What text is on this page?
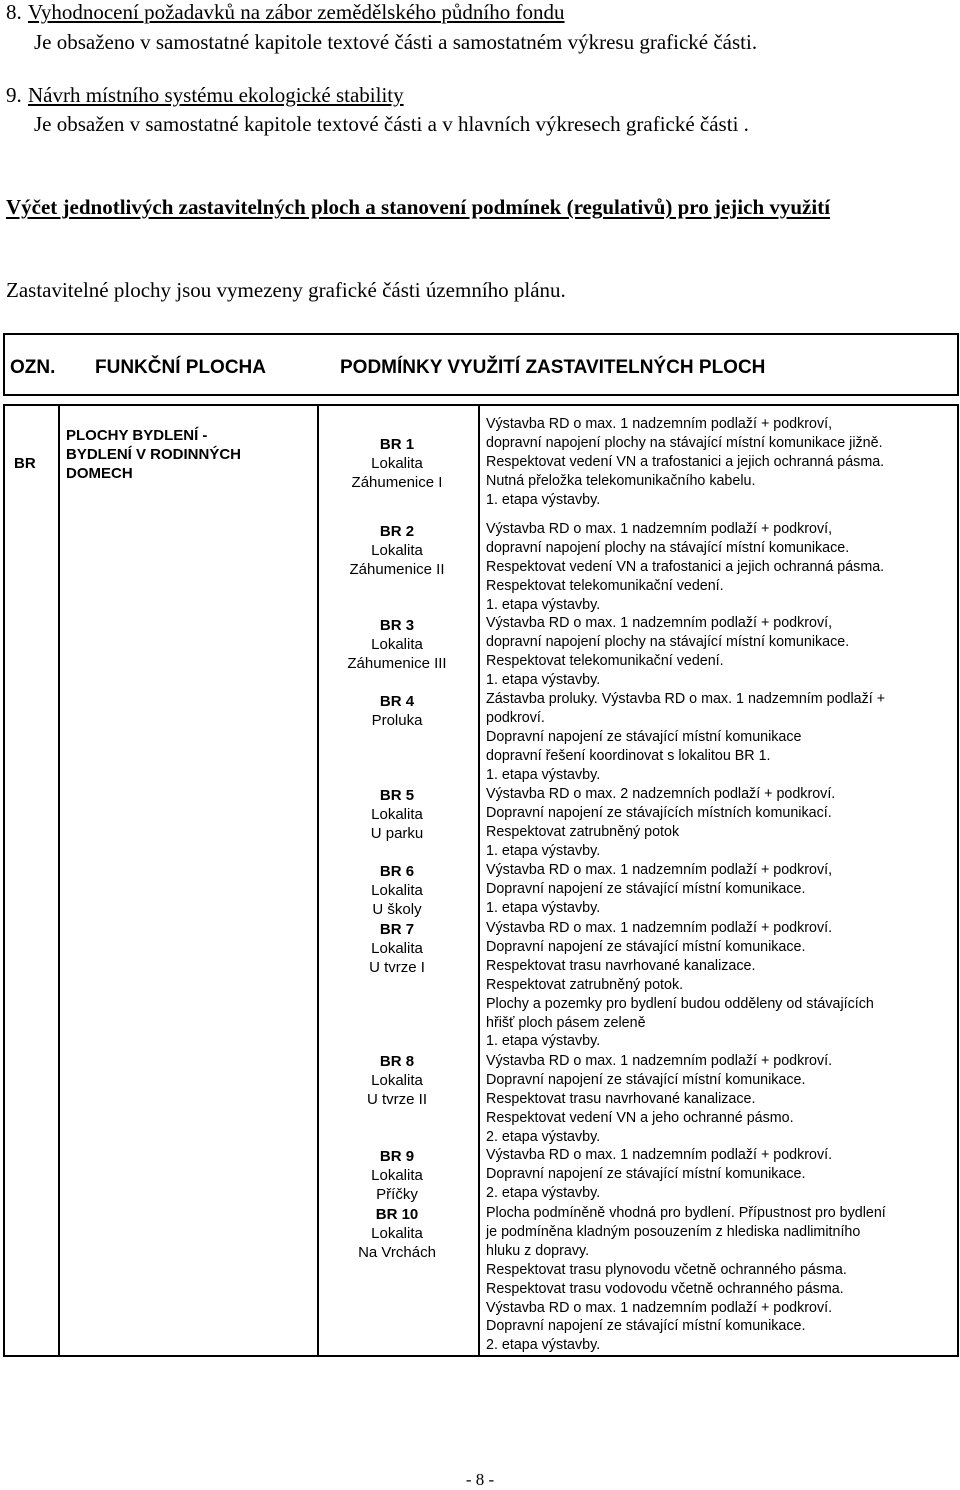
8. Vyhodnocení požadavků na zábor zemědělského půdního fondu
Je obsaženo v samostatné kapitole textové části a samostatném výkresu grafické části.
9. Návrh místního systému ekologické stability
Je obsažen v samostatné kapitole textové části a v hlavních výkresech grafické části .
Výčet jednotlivých zastavitelných ploch a stanovení podmínek (regulativů) pro jejich využití
Zastavitelné plochy jsou vymezeny grafické části územního plánu.
OZN. FUNKČNÍ PLOCHA	PODMÍNKY VYUŽITÍ ZASTAVITELNÝCH PLOCH
BR
PLOCHY BYDLENÍ -
BYDLENÍ V RODINNÝCH
DOMECH
BR 1
Lokalita
Záhumenice I
BR 2
Lokalita
Záhumenice II
BR 3
Lokalita
Záhumenice III
BR 4
Proluka
BR 5
Lokalita
U parku
BR 6
Lokalita
U školy
BR 7
Lokalita
U tvrze I
BR 8
Lokalita
U tvrze II
BR 9
Lokalita
Příčky
BR 10
Lokalita
Na Vrchách
Výstavba RD o max. 1 nadzemním podlaží + podkroví,
dopravní napojení plochy na stávající místní komunikace jižně.
Respektovat vedení VN a trafostanici a jejich ochranná pásma.
Nutná přeložka telekomunikačního kabelu.
1. etapa výstavby.
Výstavba RD o max. 1 nadzemním podlaží + podkroví,
dopravní napojení plochy na stávající místní komunikace.
Respektovat vedení VN a trafostanici a jejich ochranná pásma.
Respektovat telekomunikační vedení.
1. etapa výstavby.
Výstavba RD o max. 1 nadzemním podlaží + podkroví,
dopravní napojení plochy na stávající místní komunikace.
Respektovat telekomunikační vedení.
1. etapa výstavby.
Zástavba proluky. Výstavba RD o max. 1 nadzemním podlaží +
podkroví.
Dopravní napojení ze stávající místní komunikace
dopravní řešení koordinovat s lokalitou BR 1.
1. etapa výstavby.
Výstavba RD o max. 2 nadzemních podlaží + podkroví.
Dopravní napojení ze stávajících místních komunikací.
Respektovat zatrubněný potok
1. etapa výstavby.
Výstavba RD o max. 1 nadzemním podlaží + podkroví,
Dopravní napojení ze stávající místní komunikace.
1. etapa výstavby.
Výstavba RD o max. 1 nadzemním podlaží + podkroví.
Dopravní napojení ze stávající místní komunikace.
Respektovat trasu navrhované kanalizace.
Respektovat zatrubněný potok.
Plochy a pozemky pro bydlení budou odděleny od stávajících
hřišť ploch pásem zeleně
1. etapa výstavby.
Výstavba RD o max. 1 nadzemním podlaží + podkroví.
Dopravní napojení ze stávající místní komunikace.
Respektovat trasu navrhované kanalizace.
Respektovat vedení VN a jeho ochranné pásmo.
2. etapa výstavby.
Výstavba RD o max. 1 nadzemním podlaží + podkroví.
Dopravní napojení ze stávající místní komunikace.
2. etapa výstavby.
Plocha podmíněně vhodná pro bydlení. Přípustnost pro bydlení
je podmíněna kladným posouzením z hlediska nadlimitního
hluku z dopravy.
Respektovat trasu plynovodu včetně ochranného pásma.
Respektovat trasu vodovodu včetně ochranného pásma.
Výstavba RD o max. 1 nadzemním podlaží + podkroví.
Dopravní napojení ze stávající místní komunikace.
2. etapa výstavby.
- 8 -
